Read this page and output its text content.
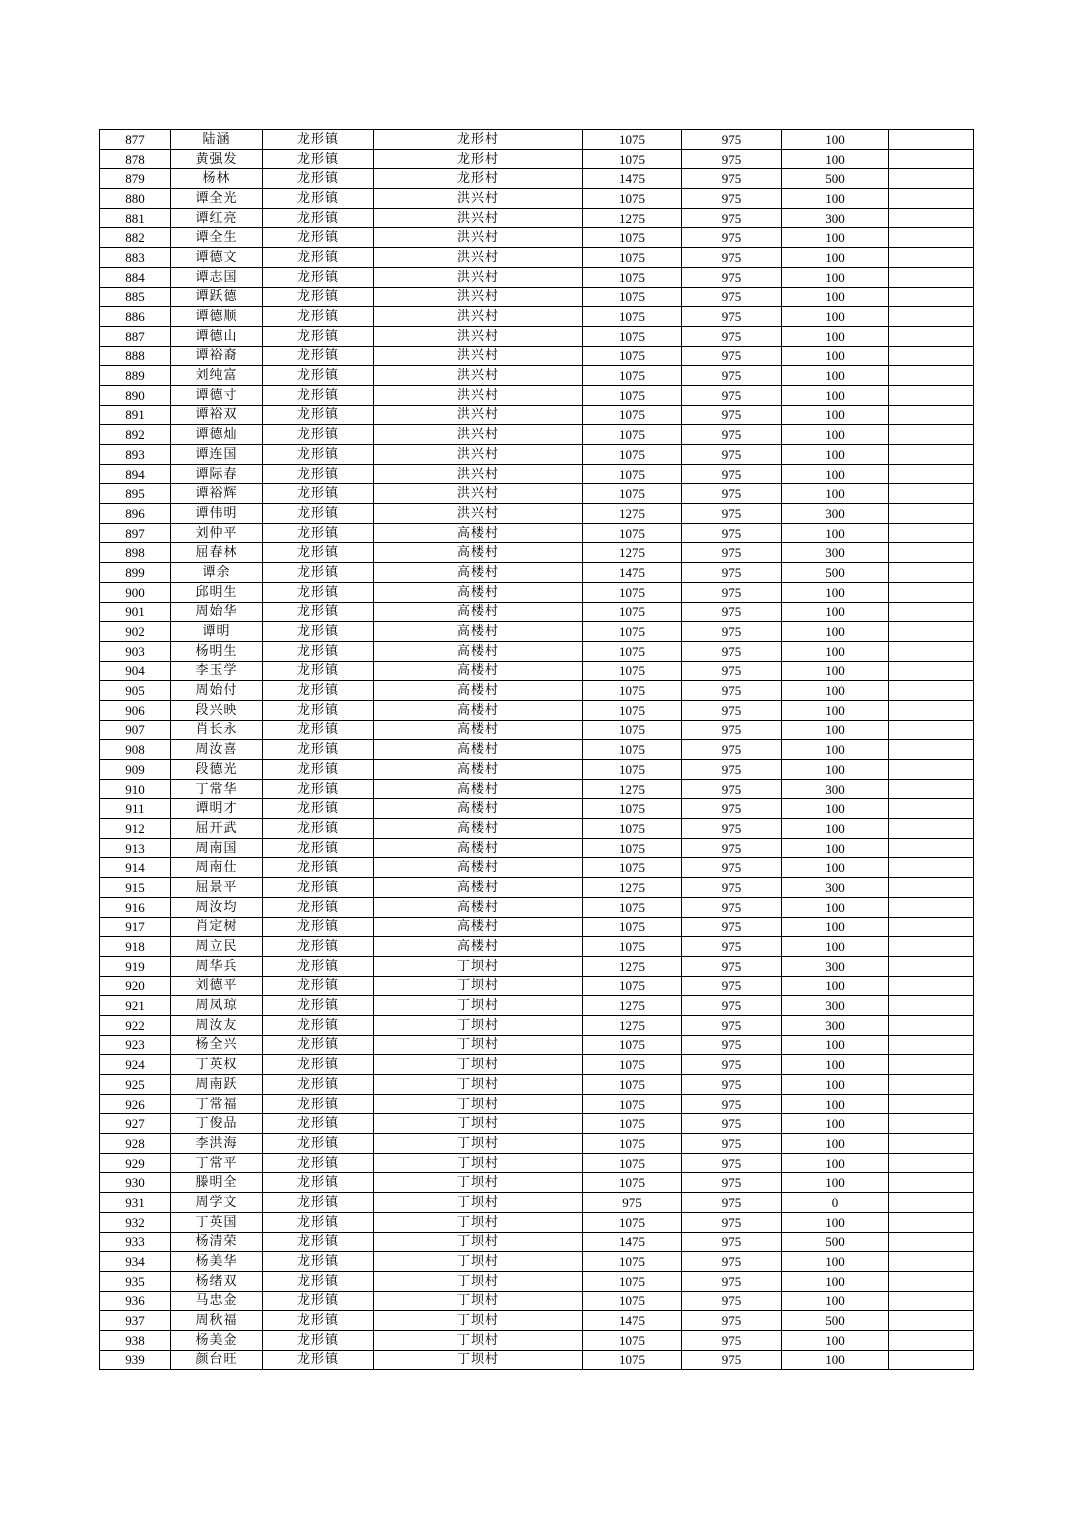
877	陆涵	龙形镇	龙形村	1075	975	100	
878	黄强发	龙形镇	龙形村	1075	975	100	
879	杨林	龙形镇	龙形村	1475	975	500	
880	谭全光	龙形镇	洪兴村	1075	975	100	
881	谭红亮	龙形镇	洪兴村	1275	975	300	
882	谭全生	龙形镇	洪兴村	1075	975	100	
883	谭德文	龙形镇	洪兴村	1075	975	100	
884	谭志国	龙形镇	洪兴村	1075	975	100	
885	谭跃德	龙形镇	洪兴村	1075	975	100	
886	谭德顺	龙形镇	洪兴村	1075	975	100	
887	谭德山	龙形镇	洪兴村	1075	975	100	
888	谭裕裔	龙形镇	洪兴村	1075	975	100	
889	刘纯富	龙形镇	洪兴村	1075	975	100	
890	谭德寸	龙形镇	洪兴村	1075	975	100	
891	谭裕双	龙形镇	洪兴村	1075	975	100	
892	谭德灿	龙形镇	洪兴村	1075	975	100	
893	谭连国	龙形镇	洪兴村	1075	975	100	
894	谭际春	龙形镇	洪兴村	1075	975	100	
895	谭裕辉	龙形镇	洪兴村	1075	975	100	
896	谭伟明	龙形镇	洪兴村	1275	975	300	
897	刘仲平	龙形镇	高楼村	1075	975	100	
898	屈春林	龙形镇	高楼村	1275	975	300	
899	谭余	龙形镇	高楼村	1475	975	500	
900	邱明生	龙形镇	高楼村	1075	975	100	
901	周始华	龙形镇	高楼村	1075	975	100	
902	谭明	龙形镇	高楼村	1075	975	100	
903	杨明生	龙形镇	高楼村	1075	975	100	
904	李玉学	龙形镇	高楼村	1075	975	100	
905	周始付	龙形镇	高楼村	1075	975	100	
906	段兴映	龙形镇	高楼村	1075	975	100	
907	肖长永	龙形镇	高楼村	1075	975	100	
908	周汝喜	龙形镇	高楼村	1075	975	100	
909	段德光	龙形镇	高楼村	1075	975	100	
910	丁常华	龙形镇	高楼村	1275	975	300	
911	谭明才	龙形镇	高楼村	1075	975	100	
912	屈开武	龙形镇	高楼村	1075	975	100	
913	周南国	龙形镇	高楼村	1075	975	100	
914	周南仕	龙形镇	高楼村	1075	975	100	
915	屈景平	龙形镇	高楼村	1275	975	300	
916	周汝均	龙形镇	高楼村	1075	975	100	
917	肖定树	龙形镇	高楼村	1075	975	100	
918	周立民	龙形镇	高楼村	1075	975	100	
919	周华兵	龙形镇	丁坝村	1275	975	300	
920	刘德平	龙形镇	丁坝村	1075	975	100	
921	周凤琼	龙形镇	丁坝村	1275	975	300	
922	周汝友	龙形镇	丁坝村	1275	975	300	
923	杨全兴	龙形镇	丁坝村	1075	975	100	
924	丁英权	龙形镇	丁坝村	1075	975	100	
925	周南跃	龙形镇	丁坝村	1075	975	100	
926	丁常福	龙形镇	丁坝村	1075	975	100	
927	丁俊品	龙形镇	丁坝村	1075	975	100	
928	李洪海	龙形镇	丁坝村	1075	975	100	
929	丁常平	龙形镇	丁坝村	1075	975	100	
930	滕明全	龙形镇	丁坝村	1075	975	100	
931	周学文	龙形镇	丁坝村	975	975	0	
932	丁英国	龙形镇	丁坝村	1075	975	100	
933	杨清荣	龙形镇	丁坝村	1475	975	500	
934	杨美华	龙形镇	丁坝村	1075	975	100	
935	杨绪双	龙形镇	丁坝村	1075	975	100	
936	马忠金	龙形镇	丁坝村	1075	975	100	
937	周秋福	龙形镇	丁坝村	1475	975	500	
938	杨美金	龙形镇	丁坝村	1075	975	100	
939	颜台旺	龙形镇	丁坝村	1075	975	100	
